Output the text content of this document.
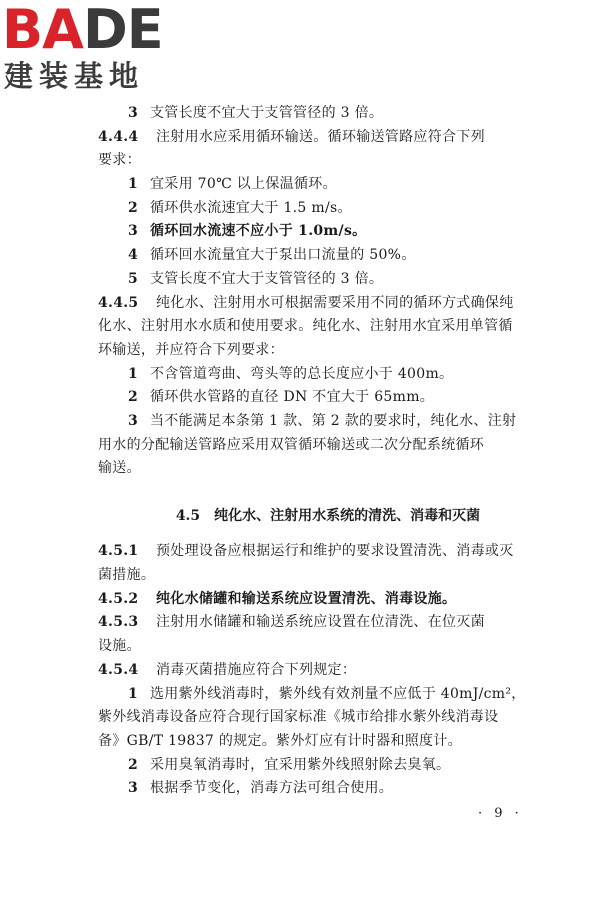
BADE
建装基地
3 支管长度不宜大于支管管径的 3 倍。
4.4.4 注射用水应采用循环输送。循环输送管路应符合下列
要求：
1 宜采用 70℃ 以上保温循环。
2 循环供水流速宜大于 1.5 m/s。
3 循环回水流速不应小于 1.0m/s。
4 循环回水流量宜大于泵出口流量的 50%。
5 支管长度不宜大于支管管径的 3 倍。
4.4.5 纯化水、注射用水可根据需要采用不同的循环方式确保纯
化水、注射用水水质和使用要求。纯化水、注射用水宜采用单管循
环输送，并应符合下列要求：
1 不含管道弯曲、弯头等的总长度应小于 400m。
2 循环供水管路的直径 DN 不宜大于 65mm。
3 当不能满足本条第 1 款、第 2 款的要求时，纯化水、注射
用水的分配输送管路应采用双管循环输送或二次分配系统循环
输送。
4.5 纯化水、注射用水系统的清洗、消毒和灭菌
4.5.1 预处理设备应根据运行和维护的要求设置清洗、消毒或灭
菌措施。
4.5.2 纯化水储罐和输送系统应设置清洗、消毒设施。
4.5.3 注射用水储罐和输送系统应设置在位清洗、在位灭菌
设施。
4.5.4 消毒灭菌措施应符合下列规定：
1 选用紫外线消毒时，紫外线有效剂量不应低于 40mJ/cm²，
紫外线消毒设备应符合现行国家标准《城市给排水紫外线消毒设
备》GB/T 19837 的规定。紫外灯应有计时器和照度计。
2 采用臭氧消毒时，宜采用紫外线照射除去臭氧。
3 根据季节变化，消毒方法可组合使用。
· 9 ·
